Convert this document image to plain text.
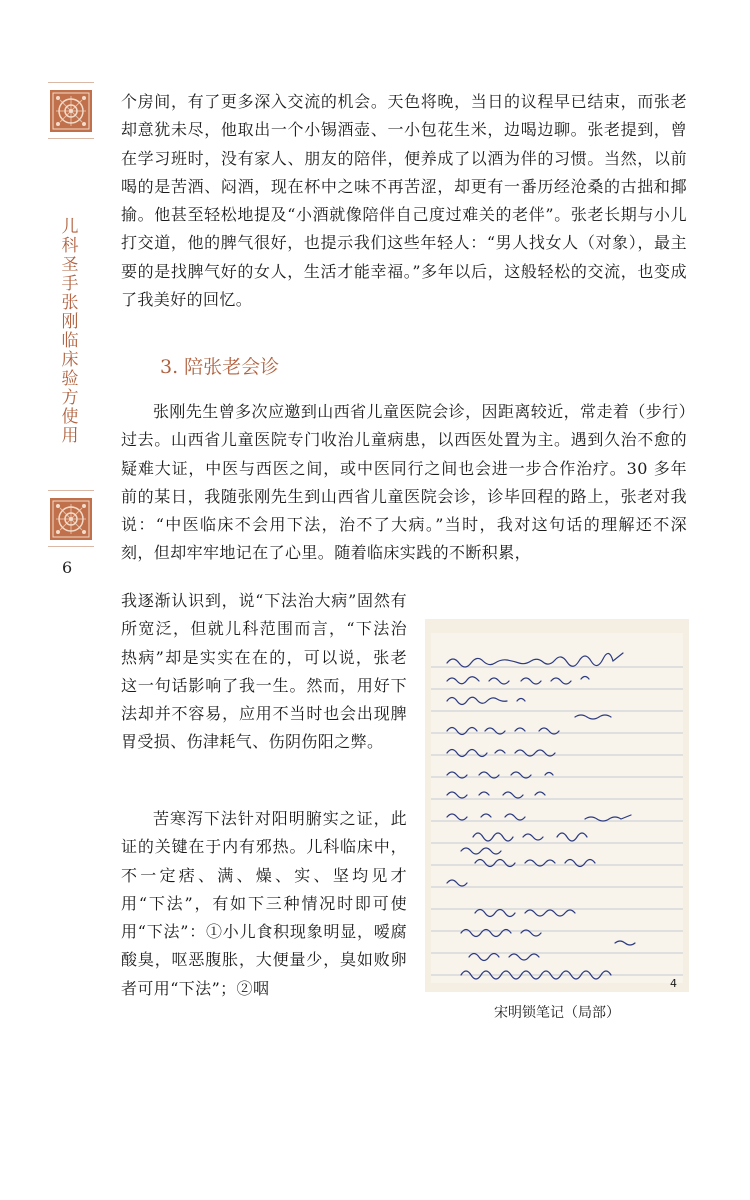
儿
科
圣
手
张
刚
临
床
验
方
使
用
6

个房间，有了更多深入交流的机会。天色将晚，当日的议程早已结束，而张老却意犹未尽，他取出一个小锡酒壶、一小包花生米，边喝边聊。张老提到，曾在学习班时，没有家人、朋友的陪伴，便养成了以酒为伴的习惯。当然，以前喝的是苦酒、闷酒，现在杯中之味不再苦涩，却更有一番历经沧桑的古拙和揶揄。他甚至轻松地提及“小酒就像陪伴自己度过难关的老伴”。张老长期与小儿打交道，他的脾气很好，也提示我们这些年轻人：“男人找女人（对象），最主要的是找脾气好的女人，生活才能幸福。”多年以后，这般轻松的交流，也变成了我美好的回忆。

3. 陪张老会诊

张刚先生曾多次应邀到山西省儿童医院会诊，因距离较近，常走着（步行）过去。山西省儿童医院专门收治儿童病患，以西医处置为主。遇到久治不愈的疑难大证，中医与西医之间，或中医同行之间也会进一步合作治疗。30 多年前的某日，我随张刚先生到山西省儿童医院会诊，诊毕回程的路上，张老对我说：“中医临床不会用下法，治不了大病。”当时，我对这句话的理解还不深刻，但却牢牢地记在了心里。随着临床实践的不断积累，

我逐渐认识到，说“下法治大病”固然有所宽泛，但就儿科范围而言，“下法治热病”却是实实在在的，可以说，张老这一句话影响了我一生。然而，用好下法却并不容易，应用不当时也会出现脾胃受损、伤津耗气、伤阴伤阳之弊。

苦寒泻下法针对阳明腑实之证，此证的关键在于内有邪热。儿科临床中，不一定痞、满、燥、实、坚均见才用“下法”，有如下三种情况时即可使用“下法”：①小儿食积现象明显，嗳腐酸臭，呕恶腹胀，大便量少，臭如败卵者可用“下法”；②咽	4
宋明锁笔记（局部）
